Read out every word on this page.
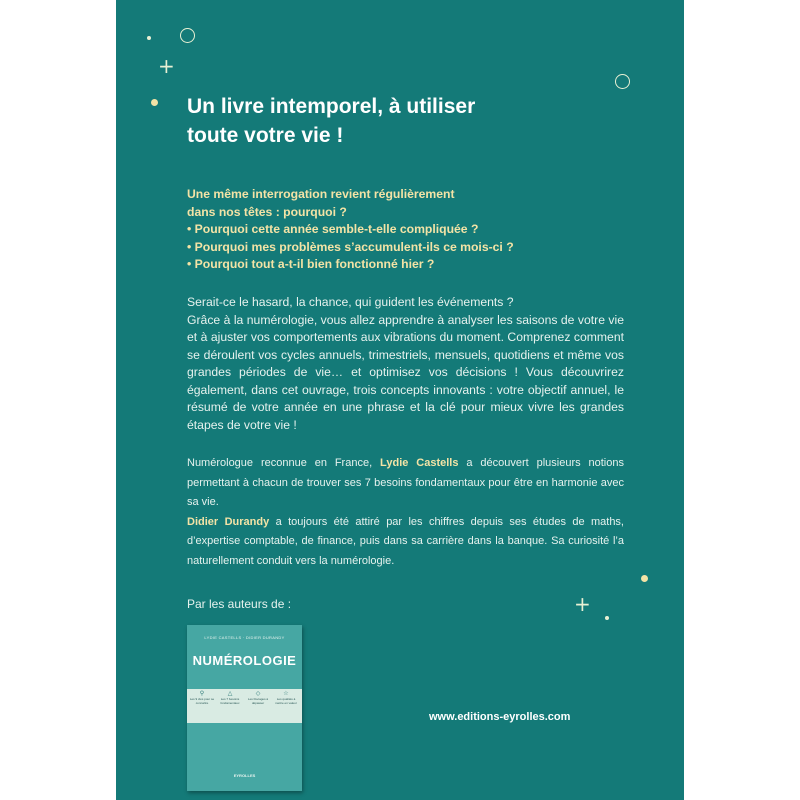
+
+
Un livre intemporel, à utiliser
toute votre vie !
Une même interrogation revient régulièrement
dans nos têtes : pourquoi ?
• Pourquoi cette année semble-t-elle compliquée ?
• Pourquoi mes problèmes s’accumulent-ils ce mois-ci ?
• Pourquoi tout a-t-il bien fonctionné hier ?
Serait-ce le hasard, la chance, qui guident les événements ?
Grâce à la numérologie, vous allez apprendre à analyser les saisons de votre vie et à ajuster vos comportements aux vibrations du moment. Comprenez comment se déroulent vos cycles annuels, trimestriels, mensuels, quotidiens et même vos grandes périodes de vie… et optimisez vos décisions ! Vous découvrirez également, dans cet ouvrage, trois concepts innovants : votre objectif annuel, le résumé de votre année en une phrase et la clé pour mieux vivre les grandes étapes de votre vie !
Numérologue reconnue en France, Lydie Castells a découvert plusieurs notions permettant à chacun de trouver ses 7 besoins fondamentaux pour être en harmonie avec sa vie.
Didier Durandy a toujours été attiré par les chiffres depuis ses études de maths, d’expertise comptable, de finance, puis dans sa carrière dans la banque. Sa curiosité l’a naturellement conduit vers la numérologie.
Par les auteurs de :
LYDIE CASTELLS · DIDIER DURANDY
NUMÉROLOGIE
⚲
Les 9 clés pour se connaître
△
Les 7 besoins fondamentaux
◇
Les blocages à dépasser
☆
Les qualités à mettre en valeur
EYROLLES
www.editions-eyrolles.com
